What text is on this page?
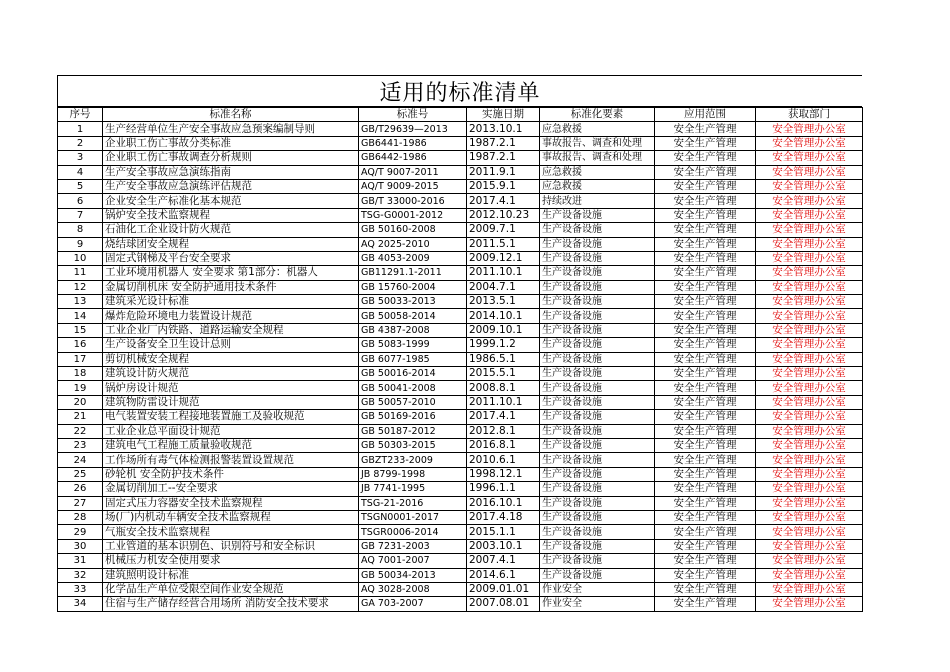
适用的标准清单
序号	标准名称	标准号	实施日期	标准化要素	应用范围	获取部门
1	生产经营单位生产安全事故应急预案编制导则	GB/T29639—2013	2013.10.1	应急救援	安全生产管理	安全管理办公室
2	企业职工伤亡事故分类标准	GB6441-1986	1987.2.1	事故报告、调查和处理	安全生产管理	安全管理办公室
3	企业职工伤亡事故调查分析规则	GB6442-1986	1987.2.1	事故报告、调查和处理	安全生产管理	安全管理办公室
4	生产安全事故应急演练指南	AQ/T 9007-2011	2011.9.1	应急救援	安全生产管理	安全管理办公室
5	生产安全事故应急演练评估规范	AQ/T 9009-2015	2015.9.1	应急救援	安全生产管理	安全管理办公室
6	企业安全生产标准化基本规范	GB/T 33000-2016	2017.4.1	持续改进	安全生产管理	安全管理办公室
7	锅炉安全技术监察规程	TSG-G0001-2012	2012.10.23	生产设备设施	安全生产管理	安全管理办公室
8	石油化工企业设计防火规范	GB 50160-2008	2009.7.1	生产设备设施	安全生产管理	安全管理办公室
9	烧结球团安全规程	AQ 2025-2010	2011.5.1	生产设备设施	安全生产管理	安全管理办公室
10	固定式钢梯及平台安全要求	GB 4053-2009	2009.12.1	生产设备设施	安全生产管理	安全管理办公室
11	工业环境用机器人 安全要求 第1部分：机器人	GB11291.1-2011	2011.10.1	生产设备设施	安全生产管理	安全管理办公室
12	金属切削机床 安全防护通用技术条件	GB 15760-2004	2004.7.1	生产设备设施	安全生产管理	安全管理办公室
13	建筑采光设计标准	GB 50033-2013	2013.5.1	生产设备设施	安全生产管理	安全管理办公室
14	爆炸危险环境电力装置设计规范	GB 50058-2014	2014.10.1	生产设备设施	安全生产管理	安全管理办公室
15	工业企业厂内铁路、道路运输安全规程	GB 4387-2008	2009.10.1	生产设备设施	安全生产管理	安全管理办公室
16	生产设备安全卫生设计总则	GB 5083-1999	1999.1.2	生产设备设施	安全生产管理	安全管理办公室
17	剪切机械安全规程	GB 6077-1985	1986.5.1	生产设备设施	安全生产管理	安全管理办公室
18	建筑设计防火规范	GB 50016-2014	2015.5.1	生产设备设施	安全生产管理	安全管理办公室
19	锅炉房设计规范	GB 50041-2008	2008.8.1	生产设备设施	安全生产管理	安全管理办公室
20	建筑物防雷设计规范	GB 50057-2010	2011.10.1	生产设备设施	安全生产管理	安全管理办公室
21	电气装置安装工程接地装置施工及验收规范	GB 50169-2016	2017.4.1	生产设备设施	安全生产管理	安全管理办公室
22	工业企业总平面设计规范	GB 50187-2012	2012.8.1	生产设备设施	安全生产管理	安全管理办公室
23	建筑电气工程施工质量验收规范	GB 50303-2015	2016.8.1	生产设备设施	安全生产管理	安全管理办公室
24	工作场所有毒气体检测报警装置设置规范	GBZT233-2009	2010.6.1	生产设备设施	安全生产管理	安全管理办公室
25	砂轮机 安全防护技术条件	JB 8799-1998	1998.12.1	生产设备设施	安全生产管理	安全管理办公室
26	金属切削加工--安全要求	JB 7741-1995	1996.1.1	生产设备设施	安全生产管理	安全管理办公室
27	固定式压力容器安全技术监察规程	TSG-21-2016	2016.10.1	生产设备设施	安全生产管理	安全管理办公室
28	场(厂)内机动车辆安全技术监察规程	TSGN0001-2017	2017.4.18	生产设备设施	安全生产管理	安全管理办公室
29	气瓶安全技术监察规程	TSGR0006-2014	2015.1.1	生产设备设施	安全生产管理	安全管理办公室
30	工业管道的基本识别色、识别符号和安全标识	GB 7231-2003	2003.10.1	生产设备设施	安全生产管理	安全管理办公室
31	机械压力机安全使用要求	AQ 7001-2007	2007.4.1	生产设备设施	安全生产管理	安全管理办公室
32	建筑照明设计标准	GB 50034-2013	2014.6.1	生产设备设施	安全生产管理	安全管理办公室
33	化学品生产单位受限空间作业安全规范	AQ 3028-2008	2009.01.01	作业安全	安全生产管理	安全管理办公室
34	住宿与生产储存经营合用场所 消防安全技术要求	GA 703-2007	2007.08.01	作业安全	安全生产管理	安全管理办公室
